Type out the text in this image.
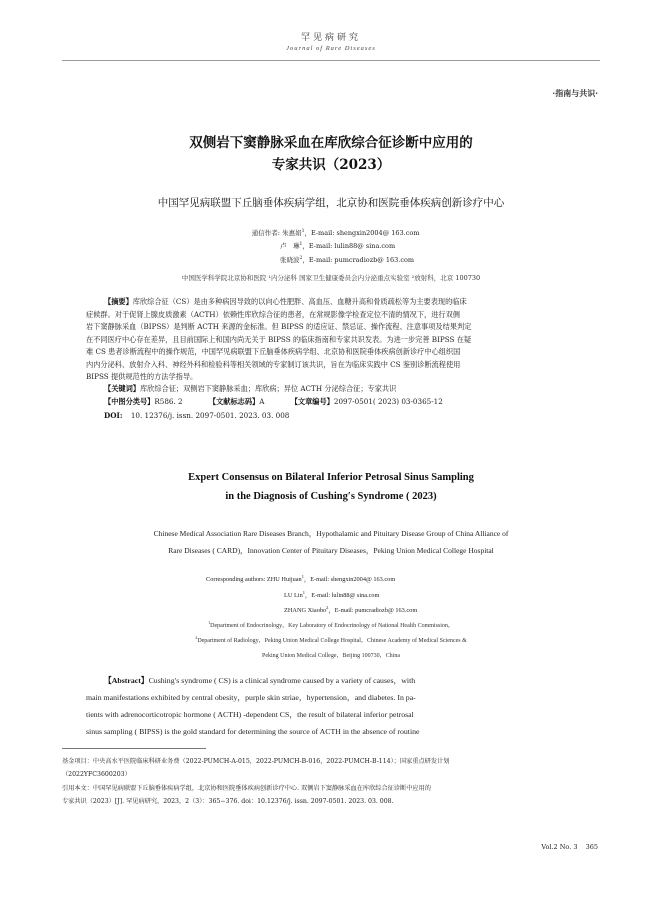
罕见病研究
Journal of Rare Diseases
·指南与共识·
双侧岩下窦静脉采血在库欣综合征诊断中应用的
专家共识（2023）
中国罕见病联盟下丘脑垂体疾病学组，北京协和医院垂体疾病创新诊疗中心
通信作者: 朱惠娟$^1$，E-mail: shengxin2004@ 163.com
卢　琳$^1$，E-mail: lulin88@ sina.com
张晓波$^2$，E-mail: pumcradiozb@ 163.com
中国医学科学院北京协和医院 ¹内分泌科 国家卫生健康委员会内分泌重点实验室 ²放射科，北京 100730
【摘要】库欣综合征（CS）是由多种病因导致的以向心性肥胖、高血压、血糖升高和骨质疏松等为主要表现的临床
症候群。对于促肾上腺皮质激素（ACTH）依赖性库欣综合征的患者，在常规影像学检查定位不清的情况下，进行双侧
岩下窦静脉采血（BIPSS）是判断 ACTH 来源的金标准。但 BIPSS 的适应证、禁忌证、操作流程、注意事项及结果判定
在不同医疗中心存在差异，且目前国际上和国内尚无关于 BIPSS 的临床指南和专家共识发表。为进一步完善 BIPSS 在疑
难 CS 患者诊断流程中的操作规范，中国罕见病联盟下丘脑垂体疾病学组、北京协和医院垂体疾病创新诊疗中心组织国
内内分泌科、放射介入科、神经外科和检验科等相关领域的专家制订该共识，旨在为临床实践中 CS 鉴别诊断流程使用
BIPSS 提供规范性的方法学指导。
【关键词】库欣综合征；双侧岩下窦静脉采血；库欣病；异位 ACTH 分泌综合征；专家共识
【中图分类号】R586. 2	【文献标志码】A	【文章编号】2097-0501( 2023) 03-0365-12
DOI: 10. 12376/j. issn. 2097-0501. 2023. 03. 008
Expert Consensus on Bilateral Inferior Petrosal Sinus Sampling
in the Diagnosis of Cushing′s Syndrome ( 2023)
Chinese Medical Association Rare Diseases Branch，Hypothalamic and Pituitary Disease Group of China Alliance of
Rare Diseases ( CARD)，Innovation Center of Pituitary Diseases，Peking Union Medical College Hospital
Corresponding authors: ZHU Huijuan$^1$，E-mail: shengxin2004@ 163.com
LU Lin$^1$，E-mail: lulin88@ sina.com
ZHANG Xiaobo$^2$，E-mail: pumcradiozb@ 163.com
$^1$Department of Endocrinology，Key Laboratory of Endocrinology of National Health Commission，
$^2$Department of Radiology，Peking Union Medical College Hospital，Chinese Academy of Medical Sciences &
Peking Union Medical College，Beijing 100730，China
【Abstract】Cushing′s syndrome ( CS) is a clinical syndrome caused by a variety of causes，with
main manifestations exhibited by central obesity，purple skin striae，hypertension，and diabetes. In pa-
tients with adrenocorticotropic hormone ( ACTH) -dependent CS，the result of bilateral inferior petrosal
sinus sampling ( BIPSS) is the gold standard for determining the source of ACTH in the absence of routine
基金项目：中央高水平医院临床科研业务费（2022-PUMCH-A-015，2022-PUMCH-B-016，2022-PUMCH-B-114）；国家重点研发计划
（2022YFC3600203）
引用本文：中国罕见病联盟下丘脑垂体疾病学组，北京协和医院垂体疾病创新诊疗中心. 双侧岩下窦静脉采血在库欣综合征诊断中应用的
专家共识（2023）[J]. 罕见病研究，2023，2（3）：365−376. doi：10.12376/j. issn. 2097-0501. 2023. 03. 008.
Vol.2 No. 3 365
